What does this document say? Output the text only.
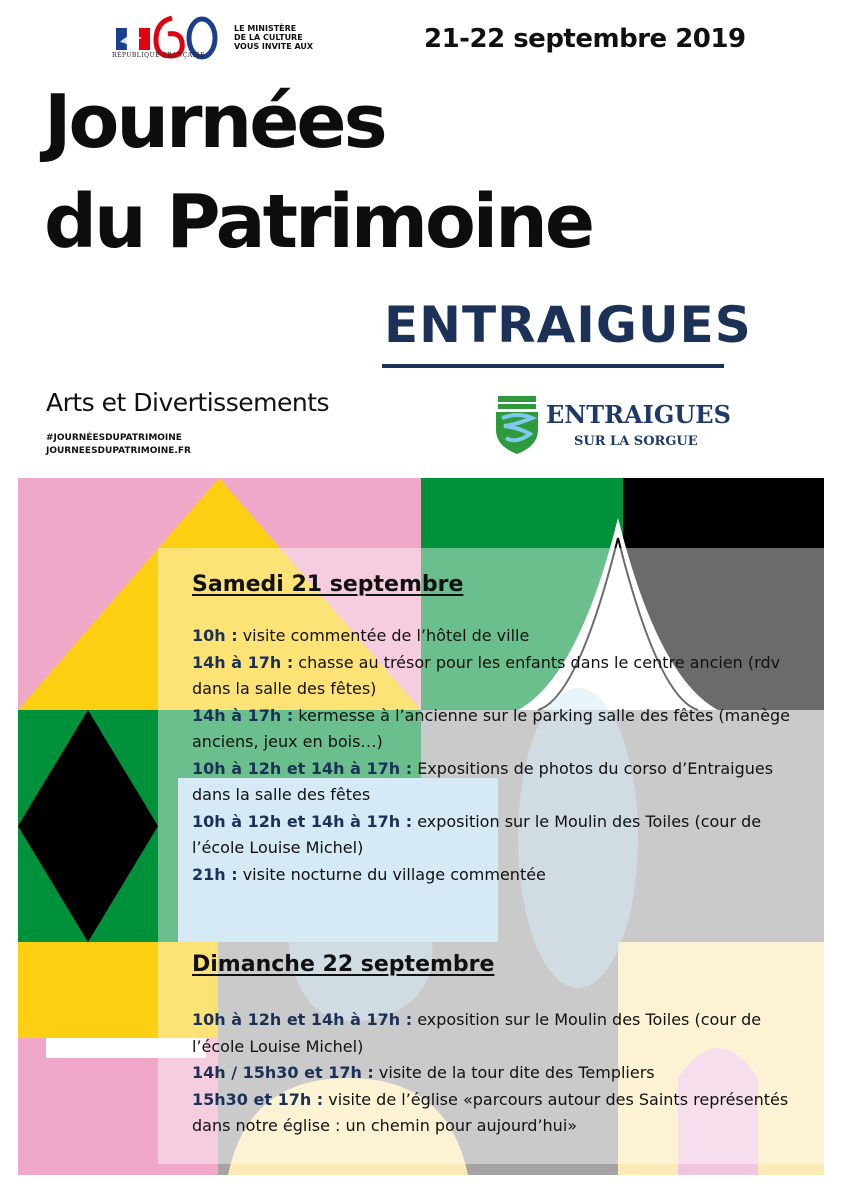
RÉPUBLIQUE FRANÇAISE
LE MINISTÈRE
DE LA CULTURE
VOUS INVITE AUX	21-22 septembre 2019
Journées
du Patrimoine
ENTRAIGUES
Arts et Divertissements
#JOURNÉESDUPATRIMOINE
JOURNEESDUPATRIMOINE.FR
ENTRAIGUES
SUR LA SORGUE
Samedi 21 septembre
10h : visite commentée de l’hôtel de ville
14h à 17h : chasse au trésor pour les enfants dans le centre ancien (rdv dans la salle des fêtes)
14h à 17h : kermesse à l’ancienne sur le parking salle des fêtes (manège anciens, jeux en bois…)
10h à 12h et 14h à 17h : Expositions de photos du corso d’Entraigues dans la salle des fêtes
10h à 12h et 14h à 17h : exposition sur le Moulin des Toiles (cour de l’école Louise Michel)
21h : visite nocturne du village commentée
Dimanche 22 septembre
10h à 12h et 14h à 17h : exposition sur le Moulin des Toiles (cour de l’école Louise Michel)
14h / 15h30 et 17h : visite de la tour dite des Templiers
15h30 et 17h : visite de l’église «parcours autour des Saints représentés dans notre église : un chemin pour aujourd’hui»
